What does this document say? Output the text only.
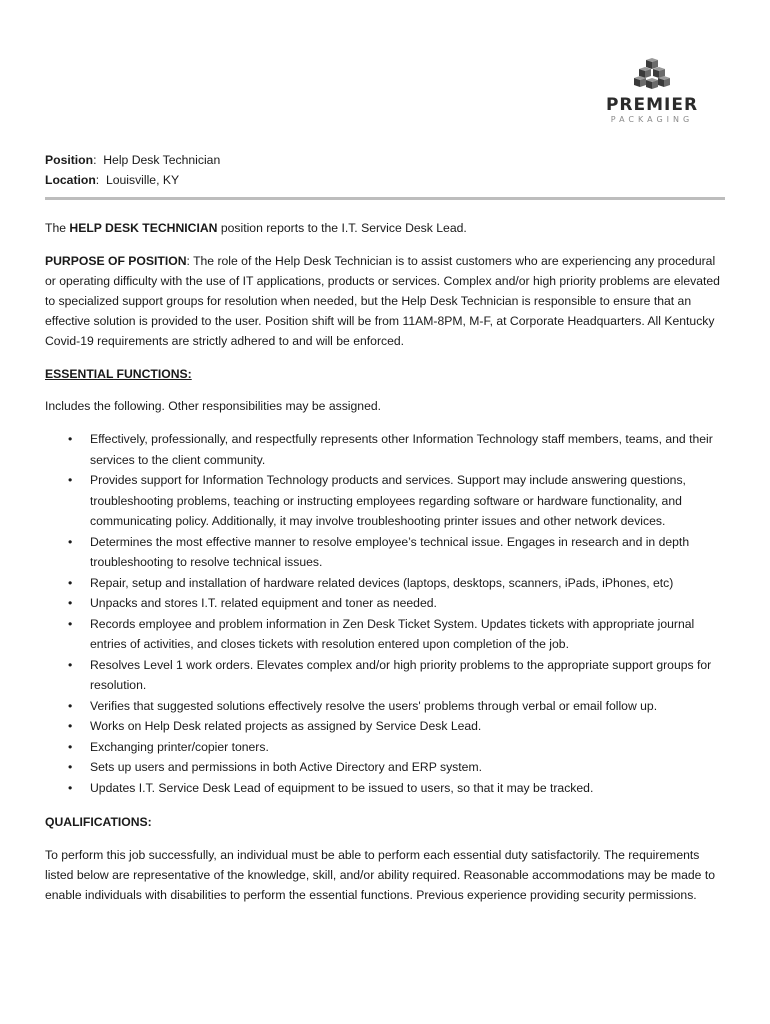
PREMIER
PACKAGING
Position:  Help Desk Technician
Location:  Louisville, KY

The HELP DESK TECHNICIAN position reports to the I.T. Service Desk Lead.

PURPOSE OF POSITION: The role of the Help Desk Technician is to assist customers who are experiencing any procedural or operating difficulty with the use of IT applications, products or services. Complex and/or high priority problems are elevated to specialized support groups for resolution when needed, but the Help Desk Technician is responsible to ensure that an effective solution is provided to the user. Position shift will be from 11AM-8PM, M-F, at Corporate Headquarters. All Kentucky Covid-19 requirements are strictly adhered to and will be enforced.

ESSENTIAL FUNCTIONS:

Includes the following. Other responsibilities may be assigned.

• Effectively, professionally, and respectfully represents other Information Technology staff members, teams, and their services to the client community.
• Provides support for Information Technology products and services. Support may include answering questions, troubleshooting problems, teaching or instructing employees regarding software or hardware functionality, and communicating policy. Additionally, it may involve troubleshooting printer issues and other network devices.
• Determines the most effective manner to resolve employee’s technical issue. Engages in research and in depth troubleshooting to resolve technical issues.
• Repair, setup and installation of hardware related devices (laptops, desktops, scanners, iPads, iPhones, etc)
• Unpacks and stores I.T. related equipment and toner as needed.
• Records employee and problem information in Zen Desk Ticket System. Updates tickets with appropriate journal entries of activities, and closes tickets with resolution entered upon completion of the job.
• Resolves Level 1 work orders. Elevates complex and/or high priority problems to the appropriate support groups for resolution.
• Verifies that suggested solutions effectively resolve the users' problems through verbal or email follow up.
• Works on Help Desk related projects as assigned by Service Desk Lead.
• Exchanging printer/copier toners.
• Sets up users and permissions in both Active Directory and ERP system.
• Updates I.T. Service Desk Lead of equipment to be issued to users, so that it may be tracked.
QUALIFICATIONS:

To perform this job successfully, an individual must be able to perform each essential duty satisfactorily. The requirements listed below are representative of the knowledge, skill, and/or ability required. Reasonable accommodations may be made to enable individuals with disabilities to perform the essential functions. Previous experience providing security permissions.
